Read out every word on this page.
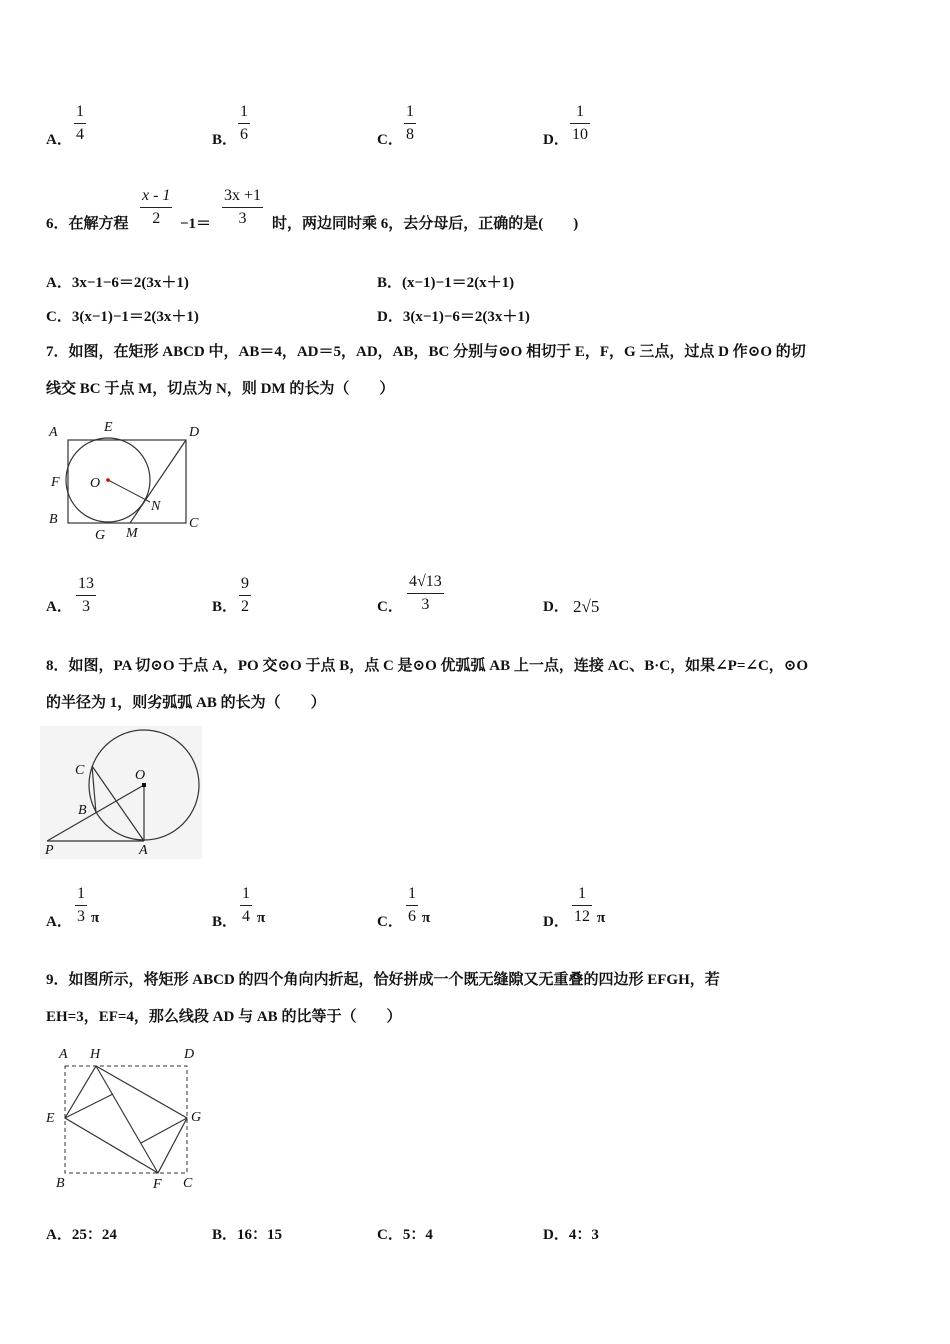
A． $\frac{1}{4}$	B． $\frac{1}{6}$	C． $\frac{1}{8}$	D． $\frac{1}{10}$
6．在解方程 $\frac{x - 1}{2} -1= \frac{3x +1}{3}$ 时，两边同时乘 6，去分母后，正确的是(　　)
A．3x−1−6＝2(3x＋1)	B．(x−1)−1＝2(x＋1)
C．3(x−1)−1＝2(3x＋1)	D．3(x−1)−6＝2(3x＋1)
7．如图，在矩形 ABCD 中，AB＝4，AD＝5，AD，AB，BC 分别与⊙O 相切于 E，F，G 三点，过点 D 作⊙O 的切
线交 BC 于点 M，切点为 N，则 DM 的长为（　　）
A	E	D
F O
N
B	C
G M
A． $\frac{13}{3}$	B． $\frac{9}{2}$	C． $\frac{4√13}{3}$	D． 2√5
8．如图，PA 切⊙O 于点 A，PO 交⊙O 于点 B，点 C 是⊙O 优弧弧 AB 上一点，连接 AC、B·C，如果∠P=∠C，⊙O
的半径为 1，则劣弧弧 AB 的长为（　　）
C	O
B
P	A
A． $\frac{1}{3}$ π	B． $\frac{1}{4}$ π	C． $\frac{1}{6}$ π	D． $\frac{1}{12}$ π
9．如图所示，将矩形 ABCD 的四个角向内折起，恰好拼成一个既无缝隙又无重叠的四边形 EFGH，若
EH=3，EF=4，那么线段 AD 与 AB 的比等于（　　）
A H	D
E	G
B	F C
A．25：24	B．16：15	C．5：4	D．4：3
